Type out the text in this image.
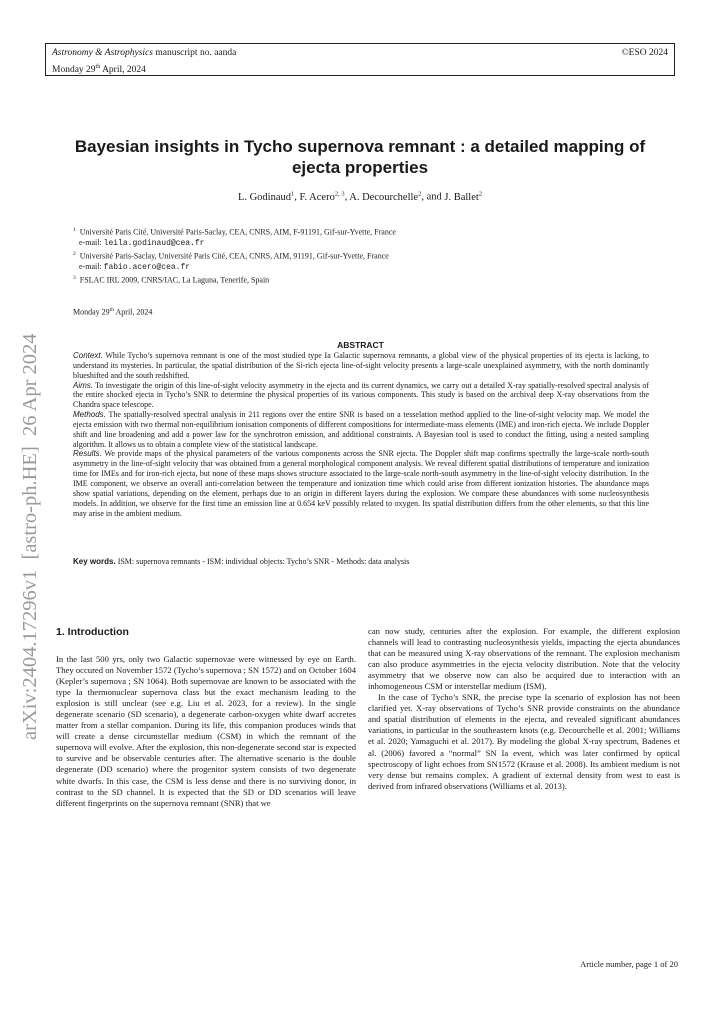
Astronomy & Astrophysics manuscript no. aanda	©ESO 2024
Monday 29th April, 2024
arXiv:2404.17296v1  [astro-ph.HE]  26 Apr 2024
Bayesian insights in Tycho supernova remnant : a detailed mapping of ejecta properties
L. Godinaud$^1$, F. Acero$^{2, 3}$, A. Decourchelle$^2$, and J. Ballet$^2$
$^1$ Université Paris Cité, Université Paris-Saclay, CEA, CNRS, AIM, F-91191, Gif-sur-Yvette, France
e-mail: leila.godinaud@cea.fr
$^2$ Université Paris-Saclay, Université Paris Cité, CEA, CNRS, AIM, 91191, Gif-sur-Yvette, France
e-mail: fabio.acero@cea.fr
$^3$ FSLAC IRL 2009, CNRS/IAC, La Laguna, Tenerife, Spain
Monday 29th April, 2024
ABSTRACT

Context. While Tycho’s supernova remnant is one of the most studied type Ia Galactic supernova remnants, a global view of the physical properties of its ejecta is lacking, to understand its mysteries. In particular, the spatial distribution of the Si-rich ejecta line-of-sight velocity presents a large-scale unexplained asymmetry, with the north dominantly blueshifted and the south redshifted.

Aims. To investigate the origin of this line-of-sight velocity asymmetry in the ejecta and its current dynamics, we carry out a detailed X-ray spatially-resolved spectral analysis of the entire shocked ejecta in Tycho’s SNR to determine the physical properties of its various components. This study is based on the archival deep X-ray observations from the Chandra space telescope.

Methods. The spatially-resolved spectral analysis in 211 regions over the entire SNR is based on a tesselation method applied to the line-of-sight velocity map. We model the ejecta emission with two thermal non-equilibrium ionisation components of different compositions for intermediate-mass elements (IME) and iron-rich ejecta. We include Doppler shift and line broadening and add a power law for the synchrotron emission, and additional constraints. A Bayesian tool is used to conduct the fitting, using a nested sampling algorithm. It allows us to obtain a complete view of the statistical landscape.

Results. We provide maps of the physical parameters of the various components across the SNR ejecta. The Doppler shift map confirms spectrally the large-scale north-south asymmetry in the line-of-sight velocity that was obtained from a general morphological component analysis. We reveal different spatial distributions of temperature and ionization time for IMEs and for iron-rich ejecta, but none of these maps shows structure associated to the large-scale north-south asymmetry in the line-of-sight velocity distribution. In the IME component, we observe an overall anti-correlation between the temperature and ionization time which could arise from different ionization histories. The abundance maps show spatial variations, depending on the element, perhaps due to an origin in different layers during the explosion. We compare these abundances with some nucleosynthesis models. In addition, we observe for the first time an emission line at 0.654 keV possibly related to oxygen. Its spatial distribution differs from the other elements, so that this line may arise in the ambient medium.

Key words. ISM: supernova remnants - ISM: individual objects: Tycho’s SNR - Methods: data analysis
1. Introduction

In the last 500 yrs, only two Galactic supernovae were witnessed by eye on Earth. They occured on November 1572 (Tycho’s supernova ; SN 1572) and on October 1604 (Kepler’s supernova ; SN 1064). Both supernovae are known to be associated with the type Ia thermonuclear supernova class but the exact mechanism leading to the explosion is still unclear (see e.g. Liu et al. 2023, for a review). In the single degenerate scenario (SD scenario), a degenerate carbon-oxygen white dwarf accretes matter from a stellar companion. During its life, this companion produces winds that will create a dense circumstellar medium (CSM) in which the remnant of the supernova will evolve. After the explosion, this non-degenerate second star is expected to survive and be observable centuries after. The alternative scenario is the double degenerate (DD scenario) where the progenitor system consists of two degenerate white dwarfs. In this case, the CSM is less dense and there is no surviving donor, in contrast to the SD channel. It is expected that the SD or DD scenarios will leave different fingerprints on the supernova remnant (SNR) that we

can now study, centuries after the explosion. For example, the different explosion channels will lead to contrasting nucleosynthesis yields, impacting the ejecta abundances that can be measured using X-ray observations of the remnant. The explosion mechanism can also produce asymmetries in the ejecta velocity distribution. Note that the velocity asymmetry that we observe now can also be acquired due to interaction with an inhomogeneous CSM or interstellar medium (ISM).

In the case of Tycho’s SNR, the precise type Ia scenario of explosion has not been clarified yet. X-ray observations of Tycho’s SNR provide constraints on the abundance and spatial distribution of elements in the ejecta, and revealed significant abundances variations, in particular in the southeastern knots (e.g. Decourchelle et al. 2001; Williams et al. 2020; Yamaguchi et al. 2017). By modeling the global X-ray spectrum, Badenes et al. (2006) favored a “normal” SN Ia event, which was later confirmed by optical spectroscopy of light echoes from SN1572 (Krause et al. 2008). Its ambient medium is not very dense but remains complex. A gradient of external density from west to east is derived from infrared observations (Williams et al. 2013).

Article number, page 1 of 20
